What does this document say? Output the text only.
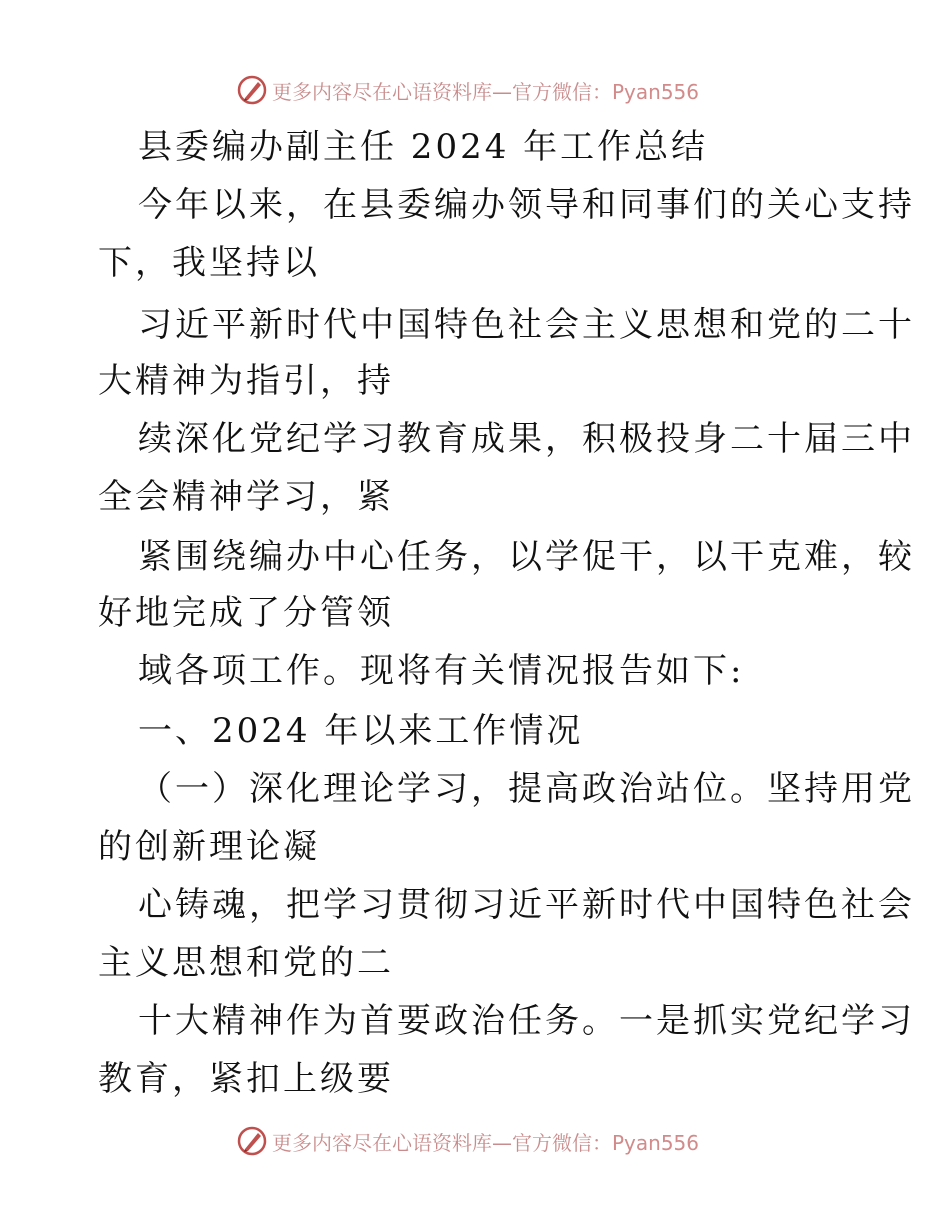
更多内容尽在心语资料库—官方微信：Pyan556
县委编办副主任 2024 年工作总结
今年以来，在县委编办领导和同事们的关心支持
下，我坚持以
习近平新时代中国特色社会主义思想和党的二十
大精神为指引，持
续深化党纪学习教育成果，积极投身二十届三中
全会精神学习，紧
紧围绕编办中心任务，以学促干，以干克难，较
好地完成了分管领
域各项工作。现将有关情况报告如下:
一、2024 年以来工作情况
（一）深化理论学习，提高政治站位。坚持用党
的创新理论凝
心铸魂，把学习贯彻习近平新时代中国特色社会
主义思想和党的二
十大精神作为首要政治任务。一是抓实党纪学习
教育，紧扣上级要
更多内容尽在心语资料库—官方微信：Pyan556
